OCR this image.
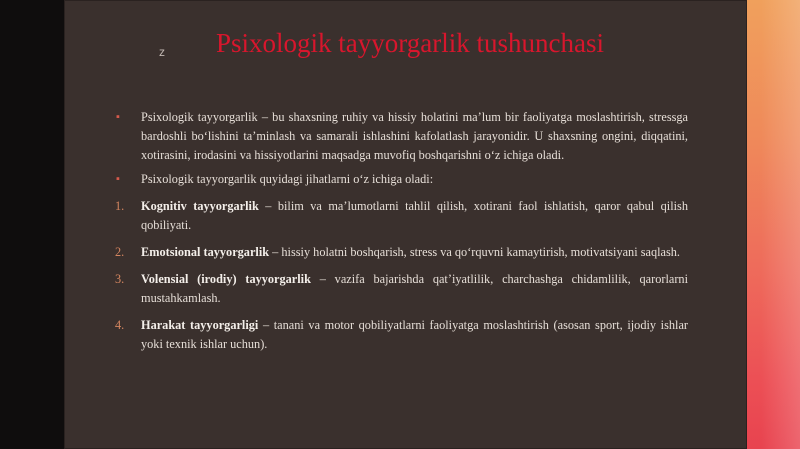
z Psixologik tayyorgarlik tushunchasi
▪ Psixologik tayyorgarlik – bu shaxsning ruhiy va hissiy holatini ma’lum bir faoliyatga moslashtirish, stressga bardoshli bo‘lishini ta’minlash va samarali ishlashini kafolatlash jarayonidir. U shaxsning ongini, diqqatini, xotirasini, irodasini va hissiyotlarini maqsadga muvofiq boshqarishni o‘z ichiga oladi.
▪ Psixologik tayyorgarlik quyidagi jihatlarni o‘z ichiga oladi:
1. Kognitiv tayyorgarlik – bilim va ma’lumotlarni tahlil qilish, xotirani faol ishlatish, qaror qabul qilish qobiliyati.
2. Emotsional tayyorgarlik – hissiy holatni boshqarish, stress va qo‘rquvni kamaytirish, motivatsiyani saqlash.
3. Volensial (irodiy) tayyorgarlik – vazifa bajarishda qat’iyatlilik, charchashga chidamlilik, qarorlarni mustahkamlash.
4. Harakat tayyorgarligi – tanani va motor qobiliyatlarni faoliyatga moslashtirish (asosan sport, ijodiy ishlar yoki texnik ishlar uchun).
